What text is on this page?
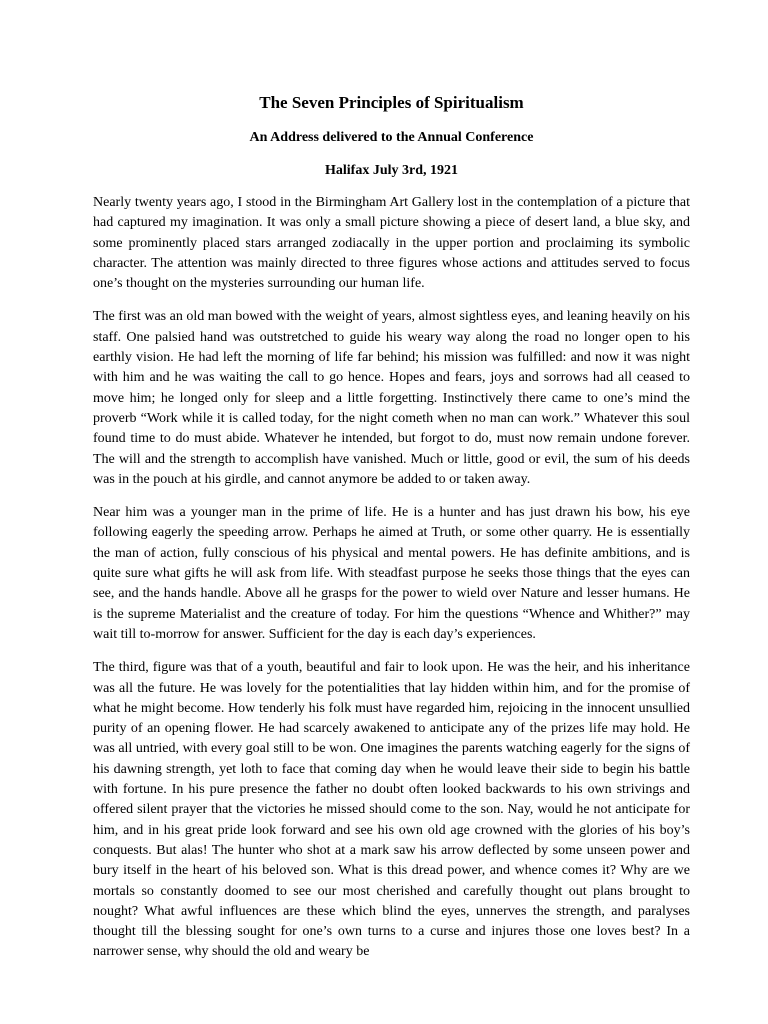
The Seven Principles of Spiritualism
An Address delivered to the Annual Conference
Halifax July 3rd, 1921

Nearly twenty years ago, I stood in the Birmingham Art Gallery lost in the contemplation of a picture that had captured my imagination. It was only a small picture showing a piece of desert land, a blue sky, and some prominently placed stars arranged zodiacally in the upper portion and proclaiming its symbolic character. The attention was mainly directed to three figures whose actions and attitudes served to focus one’s thought on the mysteries surrounding our human life.

The first was an old man bowed with the weight of years, almost sightless eyes, and leaning heavily on his staff. One palsied hand was outstretched to guide his weary way along the road no longer open to his earthly vision. He had left the morning of life far behind; his mission was fulfilled: and now it was night with him and he was waiting the call to go hence. Hopes and fears, joys and sorrows had all ceased to move him; he longed only for sleep and a little forgetting. Instinctively there came to one’s mind the proverb “Work while it is called today, for the night cometh when no man can work.” Whatever this soul found time to do must abide. Whatever he intended, but forgot to do, must now remain undone forever. The will and the strength to accomplish have vanished. Much or little, good or evil, the sum of his deeds was in the pouch at his girdle, and cannot anymore be added to or taken away.

Near him was a younger man in the prime of life. He is a hunter and has just drawn his bow, his eye following eagerly the speeding arrow. Perhaps he aimed at Truth, or some other quarry. He is essentially the man of action, fully conscious of his physical and mental powers. He has definite ambitions, and is quite sure what gifts he will ask from life. With steadfast purpose he seeks those things that the eyes can see, and the hands handle. Above all he grasps for the power to wield over Nature and lesser humans. He is the supreme Materialist and the creature of today. For him the questions “Whence and Whither?” may wait till to-morrow for answer. Sufficient for the day is each day’s experiences.

The third, figure was that of a youth, beautiful and fair to look upon. He was the heir, and his inheritance was all the future. He was lovely for the potentialities that lay hidden within him, and for the promise of what he might become. How tenderly his folk must have regarded him, rejoicing in the innocent unsullied purity of an opening flower. He had scarcely awakened to anticipate any of the prizes life may hold. He was all untried, with every goal still to be won. One imagines the parents watching eagerly for the signs of his dawning strength, yet loth to face that coming day when he would leave their side to begin his battle with fortune. In his pure presence the father no doubt often looked backwards to his own strivings and offered silent prayer that the victories he missed should come to the son. Nay, would he not anticipate for him, and in his great pride look forward and see his own old age crowned with the glories of his boy’s conquests. But alas! The hunter who shot at a mark saw his arrow deflected by some unseen power and bury itself in the heart of his beloved son. What is this dread power, and whence comes it? Why are we mortals so constantly doomed to see our most cherished and carefully thought out plans brought to nought? What awful influences are these which blind the eyes, unnerves the strength, and paralyses thought till the blessing sought for one’s own turns to a curse and injures those one loves best? In a narrower sense, why should the old and weary be
